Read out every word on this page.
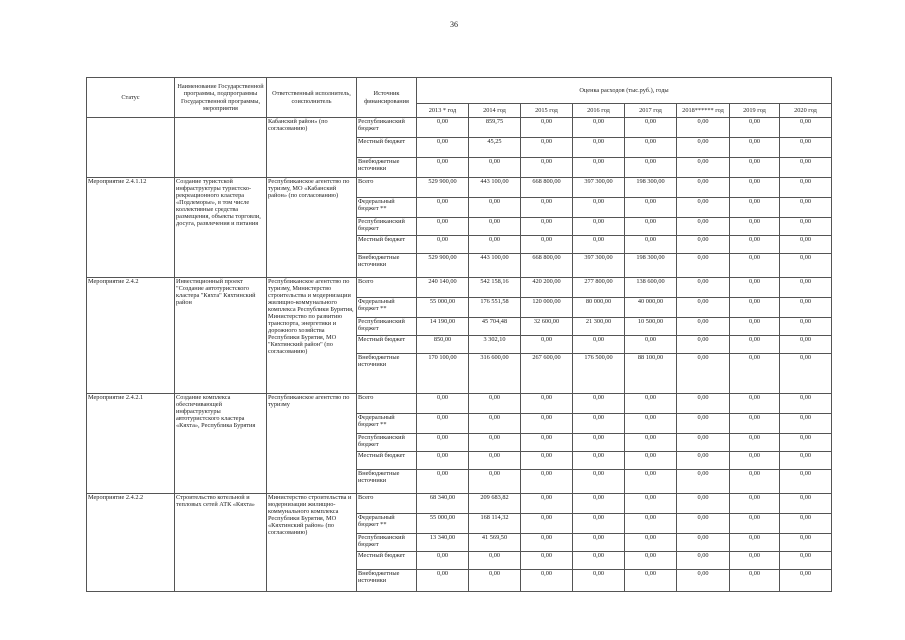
36
Статус	Наименование Государственной программы, подпрограммы Государственной программы, мероприятия	Ответственный исполнитель, соисполнитель	Источник финансирования	Оценка расходов (тыс.руб.), годы							
				2013 * год	2014 год	2015 год	2016 год	2017 год	2018****** год	2019 год	2020 год
		Кабанский район» (по согласованию)	Республиканский бюджет	0,00	859,75	0,00	0,00	0,00	0,00	0,00	0,00
			Местный бюджет	0,00	45,25	0,00	0,00	0,00	0,00	0,00	0,00
			Внебюджетные источники	0,00	0,00	0,00	0,00	0,00	0,00	0,00	0,00
Мероприятие 2.4.1.12	Создание туристской инфраструктуры туристско-рекреационного кластера «Подлеморье», в том числе коллективные средства размещения, объекты торговли, досуга, развлечения и питания	Республиканское агентство по туризму, МО «Кабанский район» (по согласованию)	Всего	529 900,00	443 100,00	668 800,00	397 300,00	198 300,00	0,00	0,00	0,00
			Федеральный бюджет **	0,00	0,00	0,00	0,00	0,00	0,00	0,00	0,00
			Республиканский бюджет	0,00	0,00	0,00	0,00	0,00	0,00	0,00	0,00
			Местный бюджет	0,00	0,00	0,00	0,00	0,00	0,00	0,00	0,00
			Внебюджетные источники	529 900,00	443 100,00	668 800,00	397 300,00	198 300,00	0,00	0,00	0,00
Мероприятие 2.4.2	Инвестиционный проект "Создание автотуристского кластера "Кяхта" Кяхтинский район	Республиканское агентство по туризму, Министерство строительства и модернизации жилищно-коммунального комплекса Республики Бурятия, Министерство по развитию транспорта, энергетики и дорожного хозяйства Республики Бурятия, МО "Кяхтинский район" (по согласованию)	Всего	240 140,00	542 158,16	420 200,00	277 800,00	138 600,00	0,00	0,00	0,00
			Федеральный бюджет **	55 000,00	176 551,58	120 000,00	80 000,00	40 000,00	0,00	0,00	0,00
			Республиканский бюджет	14 190,00	45 704,48	32 600,00	21 300,00	10 500,00	0,00	0,00	0,00
			Местный бюджет	850,00	3 302,10	0,00	0,00	0,00	0,00	0,00	0,00
			Внебюджетные источники	170 100,00	316 600,00	267 600,00	176 500,00	88 100,00	0,00	0,00	0,00
Мероприятие 2.4.2.1	Создание комплекса обеспечивающей инфраструктуры автотуристского кластера «Кяхта», Республика Бурятия	Республиканское агентство по туризму	Всего	0,00	0,00	0,00	0,00	0,00	0,00	0,00	0,00
			Федеральный бюджет **	0,00	0,00	0,00	0,00	0,00	0,00	0,00	0,00
			Республиканский бюджет	0,00	0,00	0,00	0,00	0,00	0,00	0,00	0,00
			Местный бюджет	0,00	0,00	0,00	0,00	0,00	0,00	0,00	0,00
			Внебюджетные источники	0,00	0,00	0,00	0,00	0,00	0,00	0,00	0,00
Мероприятие 2.4.2.2	Строительство котельной и тепловых сетей АТК «Кяхта»	Министерство строительства и модернизации жилищно-коммунального комплекса Республики Бурятия, МО «Кяхтинский район» (по согласованию)	Всего	68 340,00	209 683,82	0,00	0,00	0,00	0,00	0,00	0,00
			Федеральный бюджет **	55 000,00	168 114,32	0,00	0,00	0,00	0,00	0,00	0,00
			Республиканский бюджет	13 340,00	41 569,50	0,00	0,00	0,00	0,00	0,00	0,00
			Местный бюджет	0,00	0,00	0,00	0,00	0,00	0,00	0,00	0,00
			Внебюджетные источники	0,00	0,00	0,00	0,00	0,00	0,00	0,00	0,00
